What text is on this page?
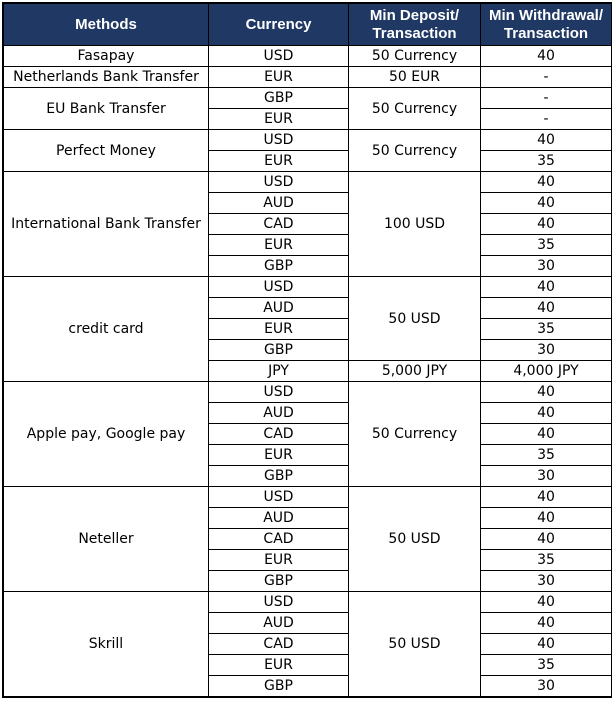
Methods	Currency	Min Deposit/ Transaction	Min Withdrawal/ Transaction
Fasapay	USD	50 Currency	40
Netherlands Bank Transfer	EUR	50 EUR	-
EU Bank Transfer	GBP	50 Currency	-
	EUR		-
Perfect Money	USD	50 Currency	40
	EUR		35
International Bank Transfer	USD	100 USD	40
	AUD		40
	CAD		40
	EUR		35
	GBP		30
credit card	USD	50 USD	40
	AUD		40
	EUR		35
	GBP		30
	JPY	5,000 JPY	4,000 JPY
Apple pay, Google pay	USD	50 Currency	40
	AUD		40
	CAD		40
	EUR		35
	GBP		30
Neteller	USD	50 USD	40
	AUD		40
	CAD		40
	EUR		35
	GBP		30
Skrill	USD	50 USD	40
	AUD		40
	CAD		40
	EUR		35
	GBP		30
